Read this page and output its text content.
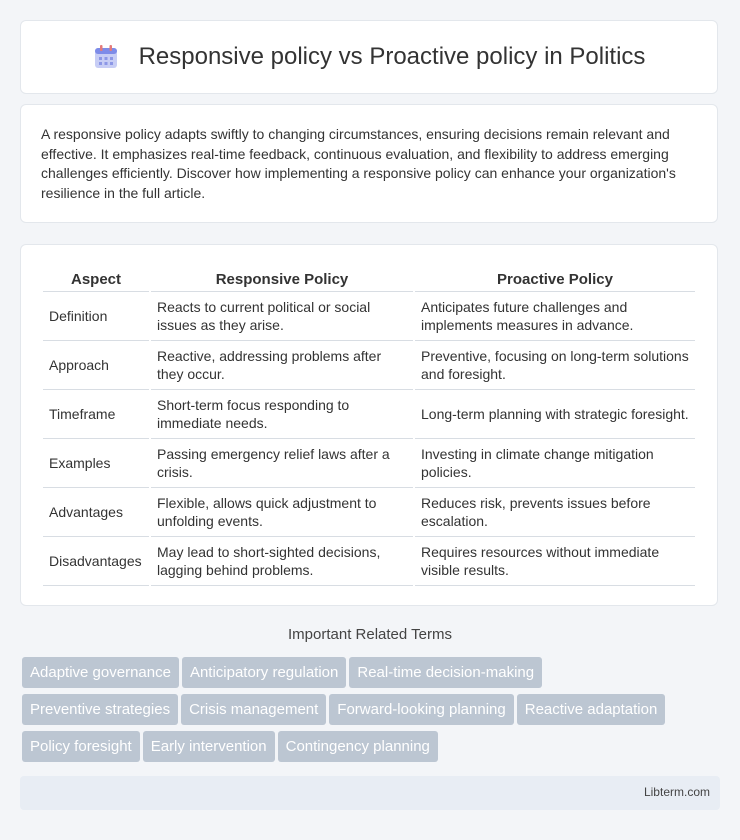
Responsive policy vs Proactive policy in Politics

A responsive policy adapts swiftly to changing circumstances, ensuring decisions remain relevant and effective. It emphasizes real-time feedback, continuous evaluation, and flexibility to address emerging challenges efficiently. Discover how implementing a responsive policy can enhance your organization's resilience in the full article.

Aspect	Responsive Policy	Proactive Policy
Definition	Reacts to current political or social issues as they arise.	Anticipates future challenges and implements measures in advance.
Approach	Reactive, addressing problems after they occur.	Preventive, focusing on long-term solutions and foresight.
Timeframe	Short-term focus responding to immediate needs.	Long-term planning with strategic foresight.
Examples	Passing emergency relief laws after a crisis.	Investing in climate change mitigation policies.
Advantages	Flexible, allows quick adjustment to unfolding events.	Reduces risk, prevents issues before escalation.
Disadvantages	May lead to short-sighted decisions, lagging behind problems.	Requires resources without immediate visible results.
Important Related Terms
Adaptive governance Anticipatory regulation Real-time decision-making
Preventive strategies Crisis management Forward-looking planning Reactive adaptation
Policy foresight Early intervention Contingency planning
Libterm.com
